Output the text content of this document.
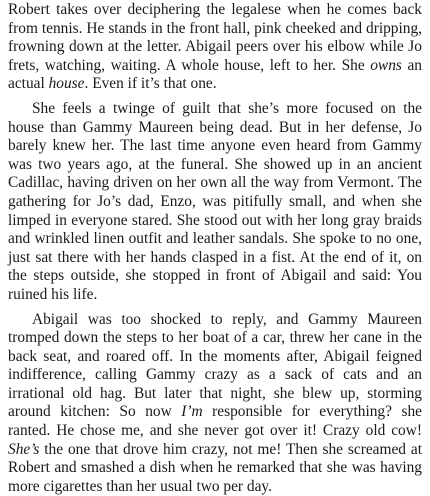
Robert takes over deciphering the legalese when he comes back from tennis. He stands in the front hall, pink cheeked and dripping, frowning down at the letter. Abigail peers over his elbow while Jo frets, watching, waiting. A whole house, left to her. She owns an actual house. Even if it’s that one.

She feels a twinge of guilt that she’s more focused on the house than Gammy Maureen being dead. But in her defense, Jo barely knew her. The last time anyone even heard from Gammy was two years ago, at the funeral. She showed up in an ancient Cadillac, having driven on her own all the way from Vermont. The gathering for Jo’s dad, Enzo, was pitifully small, and when she limped in everyone stared. She stood out with her long gray braids and wrinkled linen outfit and leather sandals. She spoke to no one, just sat there with her hands clasped in a fist. At the end of it, on the steps outside, she stopped in front of Abigail and said: You ruined his life.

Abigail was too shocked to reply, and Gammy Maureen tromped down the steps to her boat of a car, threw her cane in the back seat, and roared off. In the moments after, Abigail feigned indifference, calling Gammy crazy as a sack of cats and an irrational old hag. But later that night, she blew up, storming around kitchen: So now I’m responsible for everything? she ranted. He chose me, and she never got over it! Crazy old cow! She’s the one that drove him crazy, not me! Then she screamed at Robert and smashed a dish when he remarked that she was having more cigarettes than her usual two per day.
